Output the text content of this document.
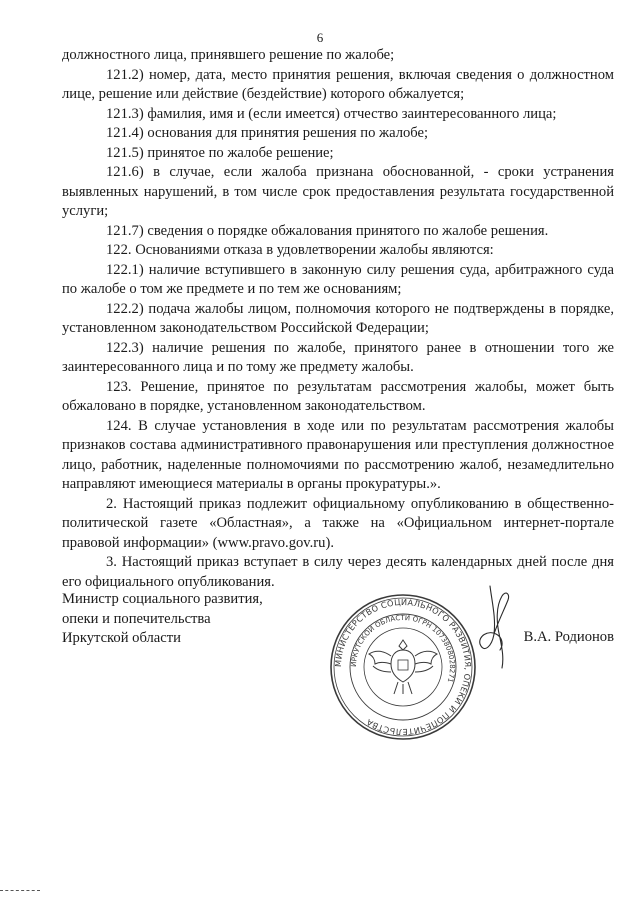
6

должностного лица, принявшего решение по жалобе;

121.2) номер, дата, место принятия решения, включая сведения о должностном лице, решение или действие (бездействие) которого обжалуется;

121.3) фамилия, имя и (если имеется) отчество заинтересованного лица;

121.4) основания для принятия решения по жалобе;

121.5) принятое по жалобе решение;

121.6) в случае, если жалоба признана обоснованной, - сроки устранения выявленных нарушений, в том числе срок предоставления результата государственной услуги;

121.7) сведения о порядке обжалования принятого по жалобе решения.

122. Основаниями отказа в удовлетворении жалобы являются:

122.1) наличие вступившего в законную силу решения суда, арбитражного суда по жалобе о том же предмете и по тем же основаниям;

122.2) подача жалобы лицом, полномочия которого не подтверждены в порядке, установленном законодательством Российской Федерации;

122.3) наличие решения по жалобе, принятого ранее в отношении того же заинтересованного лица и по тому же предмету жалобы.

123. Решение, принятое по результатам рассмотрения жалобы, может быть обжаловано в порядке, установленном законодательством.

124. В случае установления в ходе или по результатам рассмотрения жалобы признаков состава административного правонарушения или преступления должностное лицо, работник, наделенные полномочиями по рассмотрению жалоб, незамедлительно направляют имеющиеся материалы в органы прокуратуры.».

2. Настоящий приказ подлежит официальному опубликованию в общественно-политической газете «Областная», а также на «Официальном интернет-портале правовой информации» (www.pravo.gov.ru).

3. Настоящий приказ вступает в силу через десять календарных дней после дня его официального опубликования.

Министр социального развития,
опеки и попечительства
Иркутской области
МИНИСТЕРСТВО СОЦИАЛЬНОГО РАЗВИТИЯ, ОПЕКИ И ПОПЕЧИТЕЛЬСТВА
ИРКУТСКОЙ ОБЛАСТИ ОГРН 1073808028271
В.А. Родионов
